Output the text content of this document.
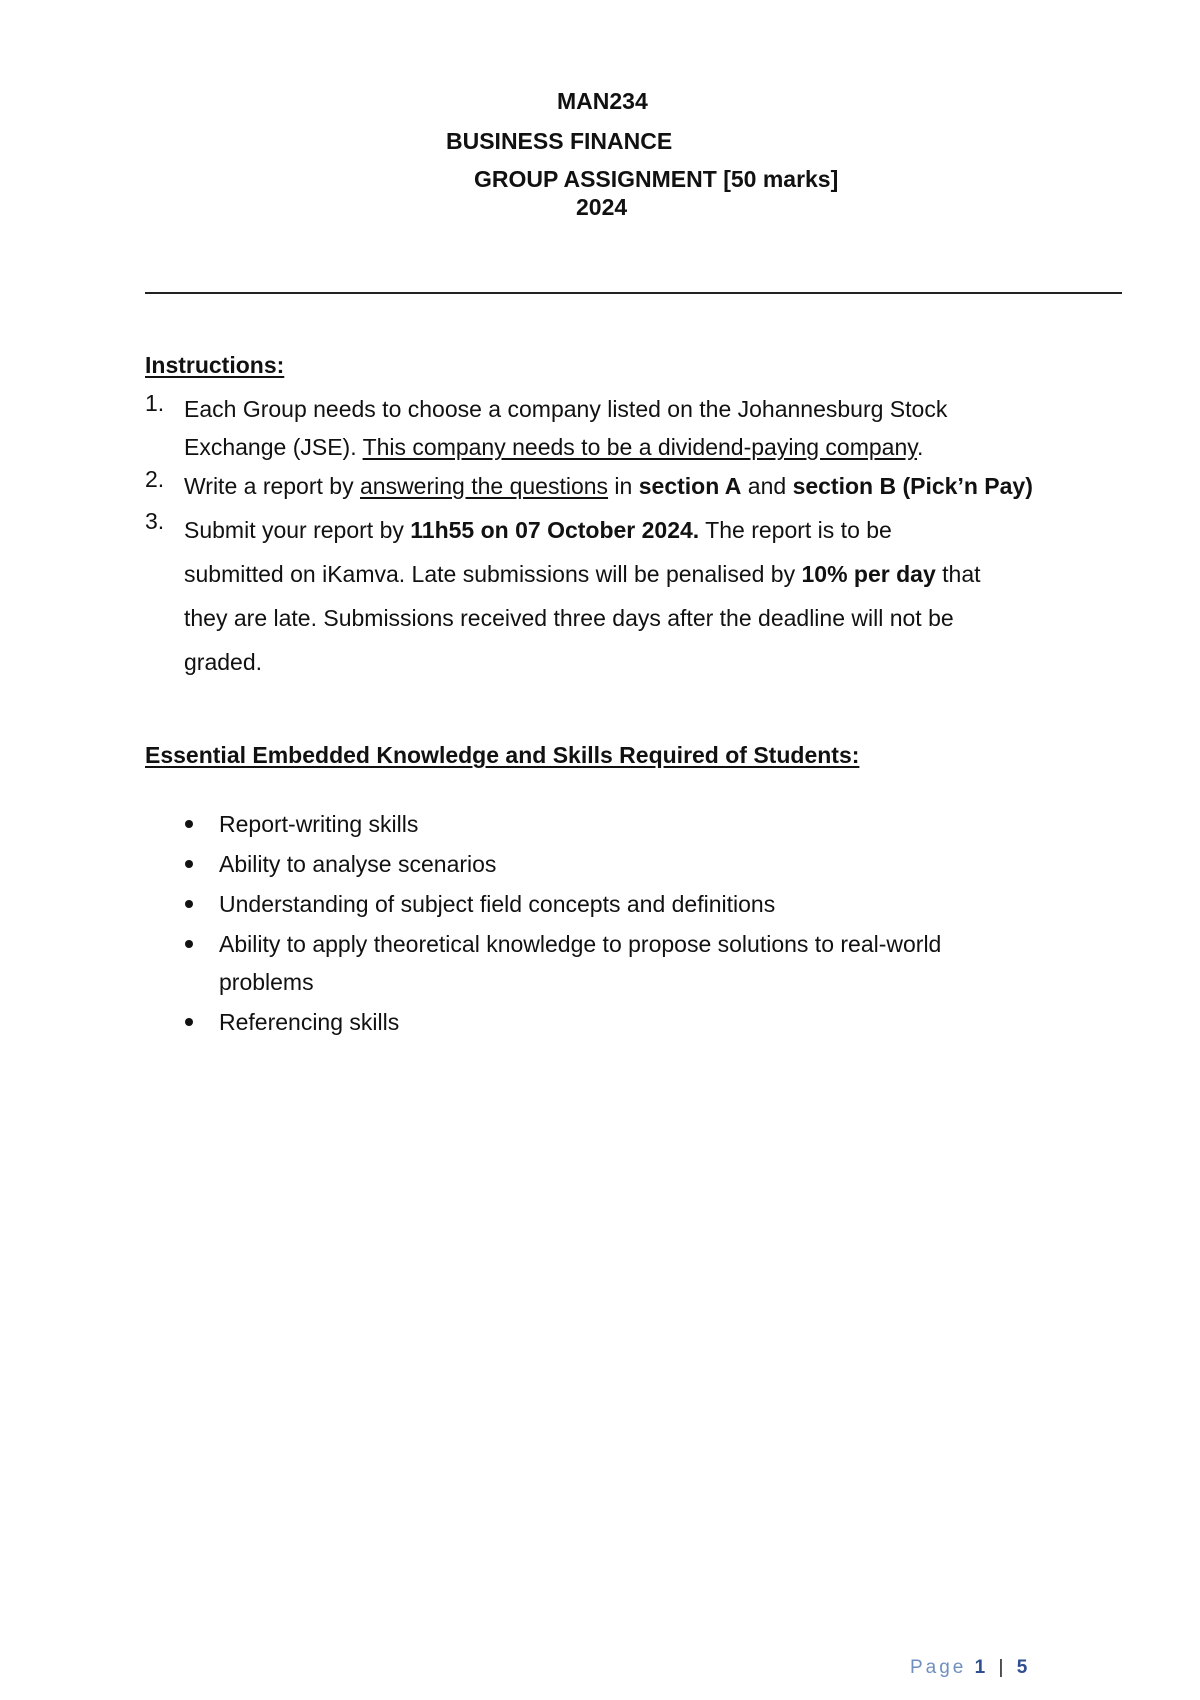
MAN234
BUSINESS FINANCE
GROUP ASSIGNMENT [50 marks]
2024
Instructions:
1. Each Group needs to choose a company listed on the Johannesburg Stock
Exchange (JSE). This company needs to be a dividend-paying company.
2. Write a report by answering the questions in section A and section B (Pick’n Pay)
3. Submit your report by 11h55 on 07 October 2024. The report is to be
submitted on iKamva. Late submissions will be penalised by 10% per day that
they are late. Submissions received three days after the deadline will not be
graded.
Essential Embedded Knowledge and Skills Required of Students:
Report-writing skills
Ability to analyse scenarios
Understanding of subject field concepts and definitions
Ability to apply theoretical knowledge to propose solutions to real-world
problems
Referencing skills
Page 1 | 5
